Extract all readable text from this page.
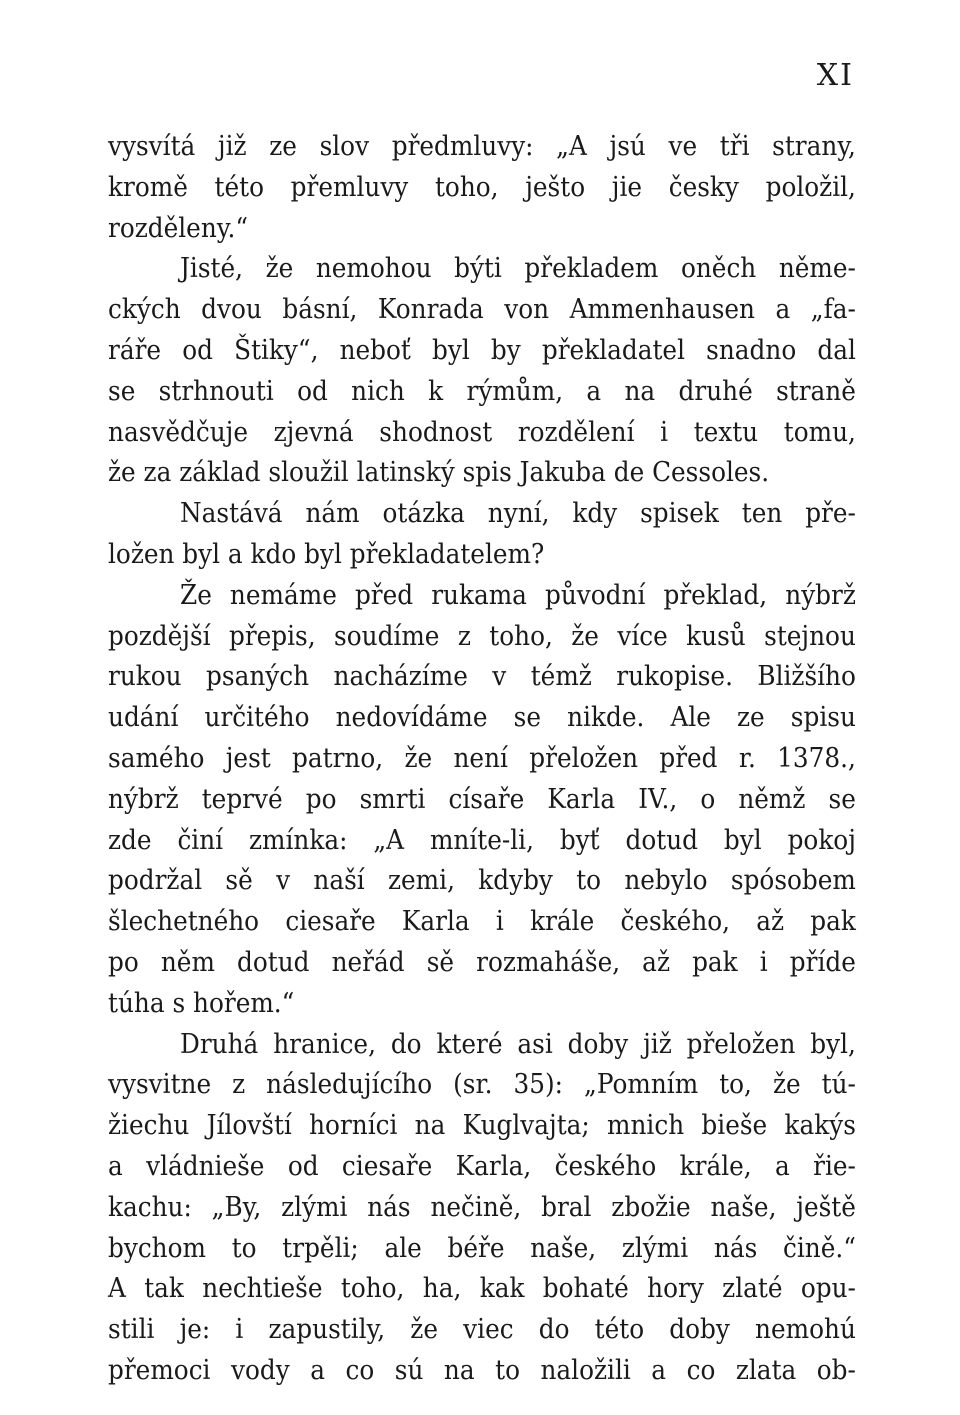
XI
vysvítá již ze slov předmluvy: „A jsú ve tři strany,
kromě této přemluvy toho, ješto jie česky položil,
rozděleny.“
Jisté, že nemohou býti překladem oněch něme-
ckých dvou básní, Konrada von Ammenhausen a „fa-
ráře od Štiky“, neboť byl by překladatel snadno dal
se strhnouti od nich k rýmům, a na druhé straně
nasvědčuje zjevná shodnost rozdělení i textu tomu,
že za základ sloužil latinský spis Jakuba de Cessoles.
Nastává nám otázka nyní, kdy spisek ten pře-
ložen byl a kdo byl překladatelem?
Že nemáme před rukama původní překlad, nýbrž
pozdější přepis, soudíme z toho, že více kusů stejnou
rukou psaných nacházíme v témž rukopise. Bližšího
udání určitého nedovídáme se nikde. Ale ze spisu
samého jest patrno, že není přeložen před r. 1378.,
nýbrž teprvé po smrti císaře Karla IV., o němž se
zde činí zmínka: „A mníte-li, byť dotud byl pokoj
podržal sě v naší zemi, kdyby to nebylo spósobem
šlechetného ciesaře Karla i krále českého, až pak
po něm dotud neřád sě rozmaháše, až pak i příde
túha s hořem.“
Druhá hranice, do které asi doby již přeložen byl,
vysvitne z následujícího (sr. 35): „Pomním to, že tú-
žiechu Jílovští horníci na Kuglvajta; mnich bieše kakýs
a vládnieše od ciesaře Karla, českého krále, a řie-
kachu: „By, zlými nás nečině, bral zbožie naše, ještě
bychom to trpěli; ale béře naše, zlými nás čině.“
A tak nechtieše toho, ha, kak bohaté hory zlaté opu-
stili je: i zapustily, že viec do této doby nemohú
přemoci vody a co sú na to naložili a co zlata ob-
